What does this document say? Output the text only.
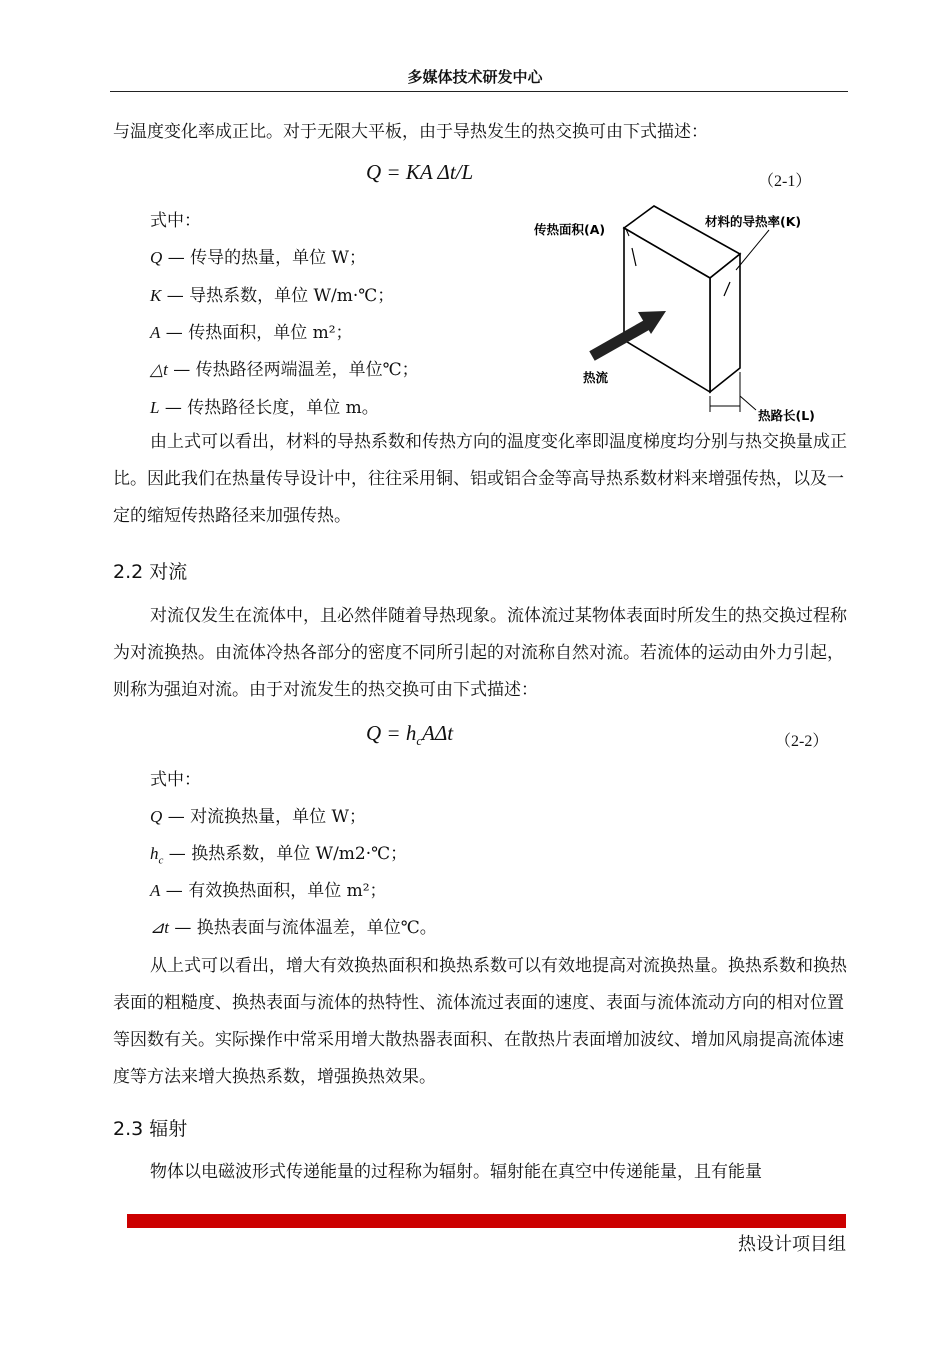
多媒体技术研发中心
与温度变化率成正比。对于无限大平板，由于导热发生的热交换可由下式描述：
Q = KA Δt/L	（2-1）
式中：
Q — 传导的热量，单位 W；
K — 导热系数，单位 W/m·℃；
A — 传热面积，单位 m²；
△t — 传热路径两端温差，单位℃；
L — 传热路径长度，单位 m。
传热面积(A)
材料的导热率(K)
热流
热路长(L)
由上式可以看出，材料的导热系数和传热方向的温度变化率即温度梯度均分别与热交换量成正比。因此我们在热量传导设计中，往往采用铜、铝或铝合金等高导热系数材料来增强传热，以及一定的缩短传热路径来加强传热。
2.2 对流
对流仅发生在流体中，且必然伴随着导热现象。流体流过某物体表面时所发生的热交换过程称为对流换热。由流体冷热各部分的密度不同所引起的对流称自然对流。若流体的运动由外力引起，则称为强迫对流。由于对流发生的热交换可由下式描述：
$Q = h_cA\Delta t$	（2-2）
式中：
Q — 对流换热量，单位 W；
$h_c$ — 换热系数，单位 W/m2·℃；
A — 有效换热面积，单位 m²；
⊿t — 换热表面与流体温差，单位℃。
从上式可以看出，增大有效换热面积和换热系数可以有效地提高对流换热量。换热系数和换热表面的粗糙度、换热表面与流体的热特性、流体流过表面的速度、表面与流体流动方向的相对位置等因数有关。实际操作中常采用增大散热器表面积、在散热片表面增加波纹、增加风扇提高流体速度等方法来增大换热系数，增强换热效果。
2.3 辐射
物体以电磁波形式传递能量的过程称为辐射。辐射能在真空中传递能量，且有能量
热设计项目组
